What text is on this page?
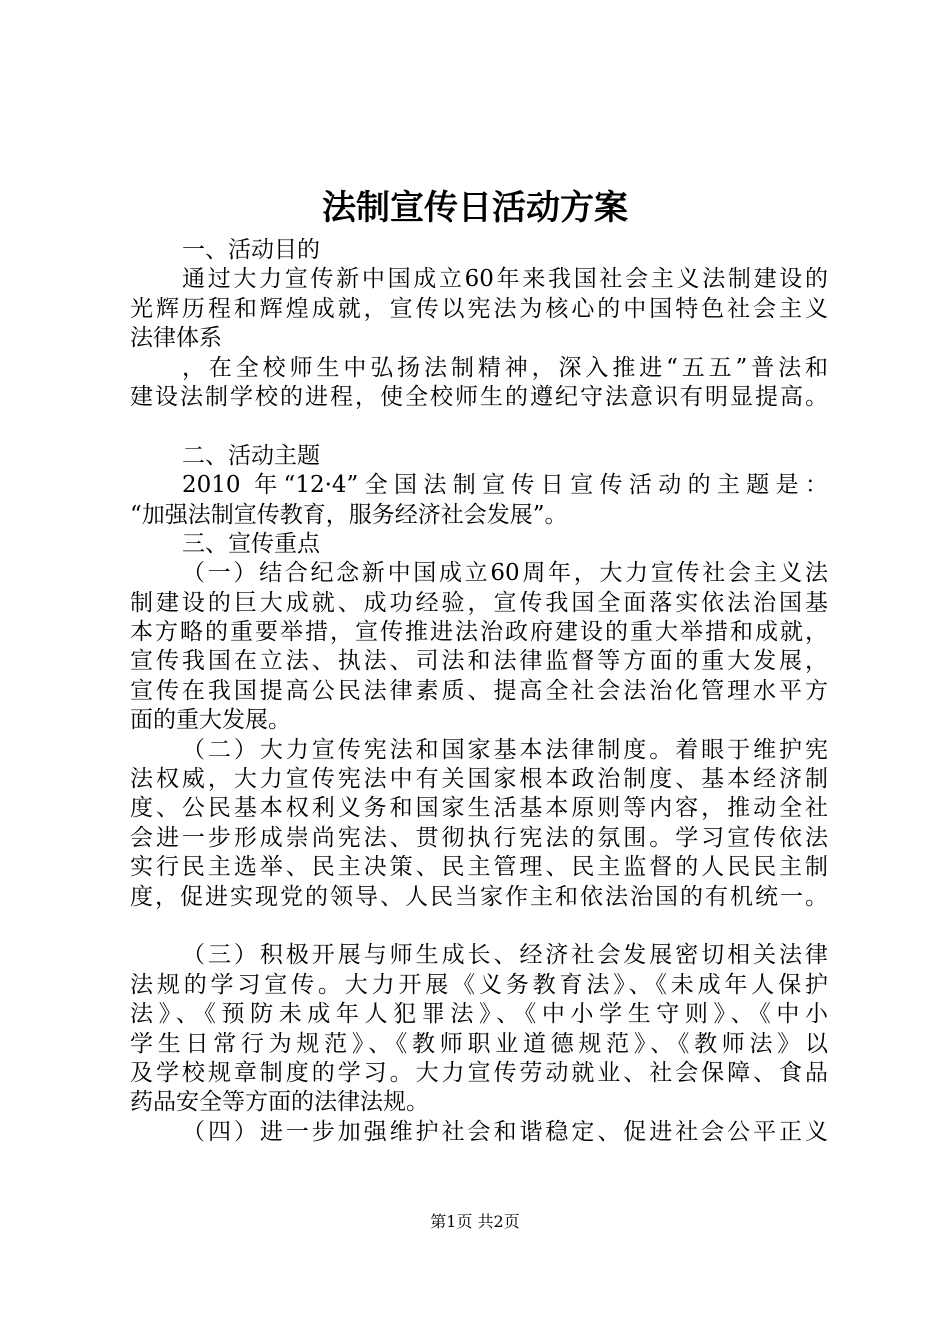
法制宣传日活动方案
一、活动目的
通过大力宣传新中国成立60年来我国社会主义法制建设的
光辉历程和辉煌成就，宣传以宪法为核心的中国特色社会主义
法律体系
，在全校师生中弘扬法制精神，深入推进“五五”普法和
建设法制学校的进程，使全校师生的遵纪守法意识有明显提高。
二、活动主题
2010 年“12·4”全国法制宣传日宣传活动的主题是：
“加强法制宣传教育，服务经济社会发展”。
三、宣传重点
（一）结合纪念新中国成立60周年，大力宣传社会主义法
制建设的巨大成就、成功经验，宣传我国全面落实依法治国基
本方略的重要举措，宣传推进法治政府建设的重大举措和成就，
宣传我国在立法、执法、司法和法律监督等方面的重大发展，
宣传在我国提高公民法律素质、提高全社会法治化管理水平方
面的重大发展。
（二）大力宣传宪法和国家基本法律制度。着眼于维护宪
法权威，大力宣传宪法中有关国家根本政治制度、基本经济制
度、公民基本权利义务和国家生活基本原则等内容，推动全社
会进一步形成崇尚宪法、贯彻执行宪法的氛围。学习宣传依法
实行民主选举、民主决策、民主管理、民主监督的人民民主制
度，促进实现党的领导、人民当家作主和依法治国的有机统一。
（三）积极开展与师生成长、经济社会发展密切相关法律
法规的学习宣传。大力开展《义务教育法》、《未成年人保护
法》、《预防未成年人犯罪法》、《中小学生守则》、《中小
学生日常行为规范》、《教师职业道德规范》、《教师法》以
及学校规章制度的学习。大力宣传劳动就业、社会保障、食品
药品安全等方面的法律法规。
（四）进一步加强维护社会和谐稳定、促进社会公平正义
第1页 共2页
